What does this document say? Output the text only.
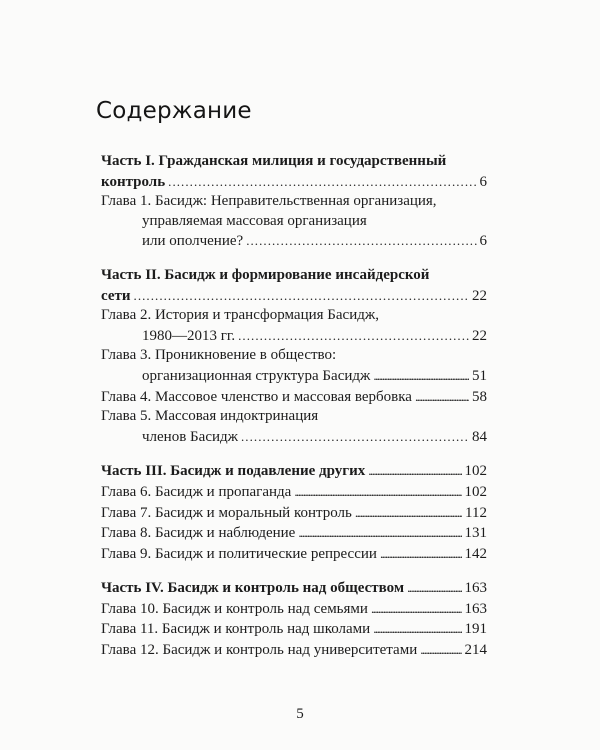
Содержание
Часть I. Гражданская милиция и государственный
контроль . . .	6
Глава 1. Басидж: Неправительственная организация,
управляемая массовая организация
или ополчение? . . .	6
Часть II. Басидж и формирование инсайдерской
сети . . .	22
Глава 2. История и трансформация Басидж,
1980—2013 гг. . . .	22
Глава 3. Проникновение в общество:
организационная структура Басидж . . .	51
Глава 4. Массовое членство и массовая вербовка . . .	58
Глава 5. Массовая индоктринация
членов Басидж . . .	84
Часть III. Басидж и подавление других . . .	102
Глава 6. Басидж и пропаганда . . .	102
Глава 7. Басидж и моральный контроль . . .	112
Глава 8. Басидж и наблюдение . . .	131
Глава 9. Басидж и политические репрессии . . .	142
Часть IV. Басидж и контроль над обществом . . .	163
Глава 10. Басидж и контроль над семьями . . .	163
Глава 11. Басидж и контроль над школами . . .	191
Глава 12. Басидж и контроль над университетами . . .	214
5
